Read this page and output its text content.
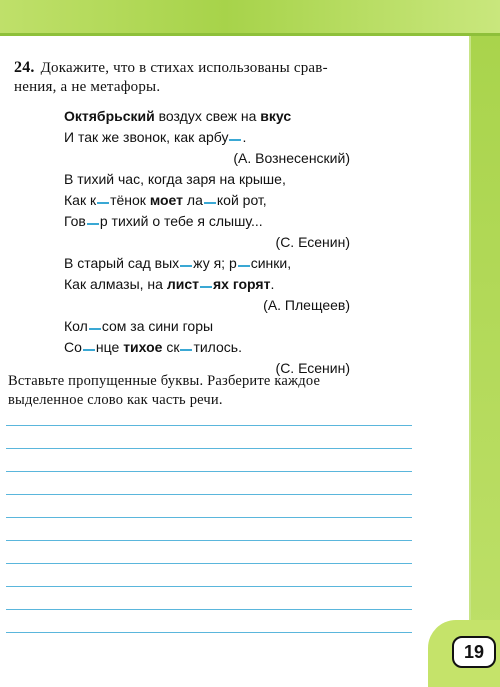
24. Докажите, что в стихах использованы срав-
нения, а не метафоры.
Октябрьский воздух свеж на вкус
И так же звонок, как арбу .
(А. Вознесенский)
В тихий час, когда заря на крыше,
Как к тёнок моет ла кой рот,
Гов р тихий о тебе я слышу...
(С. Есенин)
В старый сад вых жу я; р синки,
Как алмазы, на лист ях горят.
(А. Плещеев)
Кол сом за сини горы
Со нце тихое ск тилось.
(С. Есенин)
Вставьте пропущенные буквы. Разберите каждое
выделенное слово как часть речи.
19
